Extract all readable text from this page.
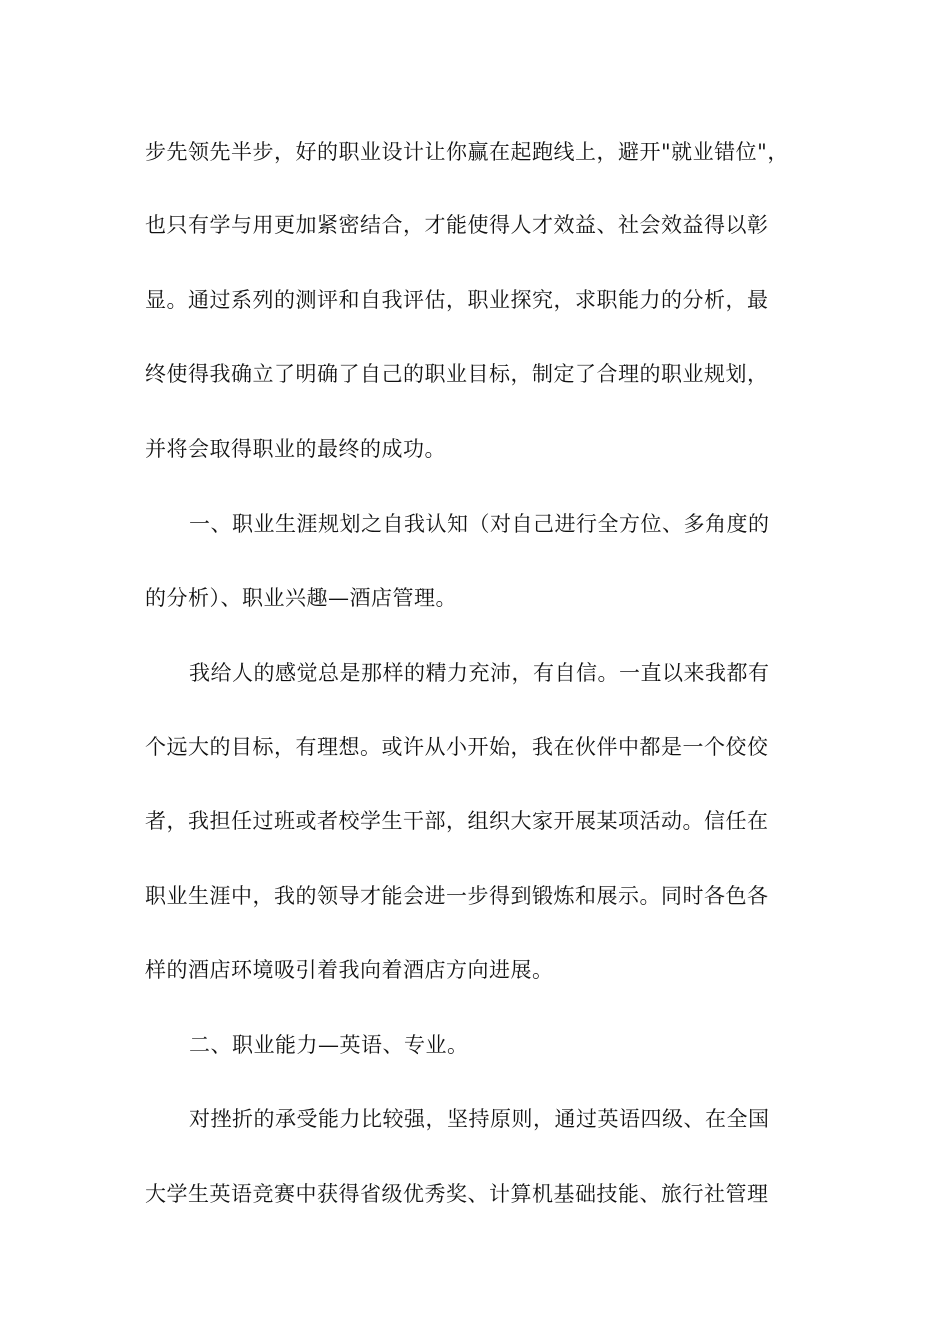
步先领先半步，好的职业设计让你赢在起跑线上，避开"就业错位"，
也只有学与用更加紧密结合，才能使得人才效益、社会效益得以彰
显。通过系列的测评和自我评估，职业探究，求职能力的分析，最
终使得我确立了明确了自己的职业目标，制定了合理的职业规划，
并将会取得职业的最终的成功。
一、职业生涯规划之自我认知（对自己进行全方位、多角度的
的分析）、职业兴趣—酒店管理。
我给人的感觉总是那样的精力充沛，有自信。一直以来我都有
个远大的目标，有理想。或许从小开始，我在伙伴中都是一个佼佼
者，我担任过班或者校学生干部，组织大家开展某项活动。信任在
职业生涯中，我的领导才能会进一步得到锻炼和展示。同时各色各
样的酒店环境吸引着我向着酒店方向进展。
二、职业能力—英语、专业。
对挫折的承受能力比较强，坚持原则，通过英语四级、在全国
大学生英语竞赛中获得省级优秀奖、计算机基础技能、旅行社管理
